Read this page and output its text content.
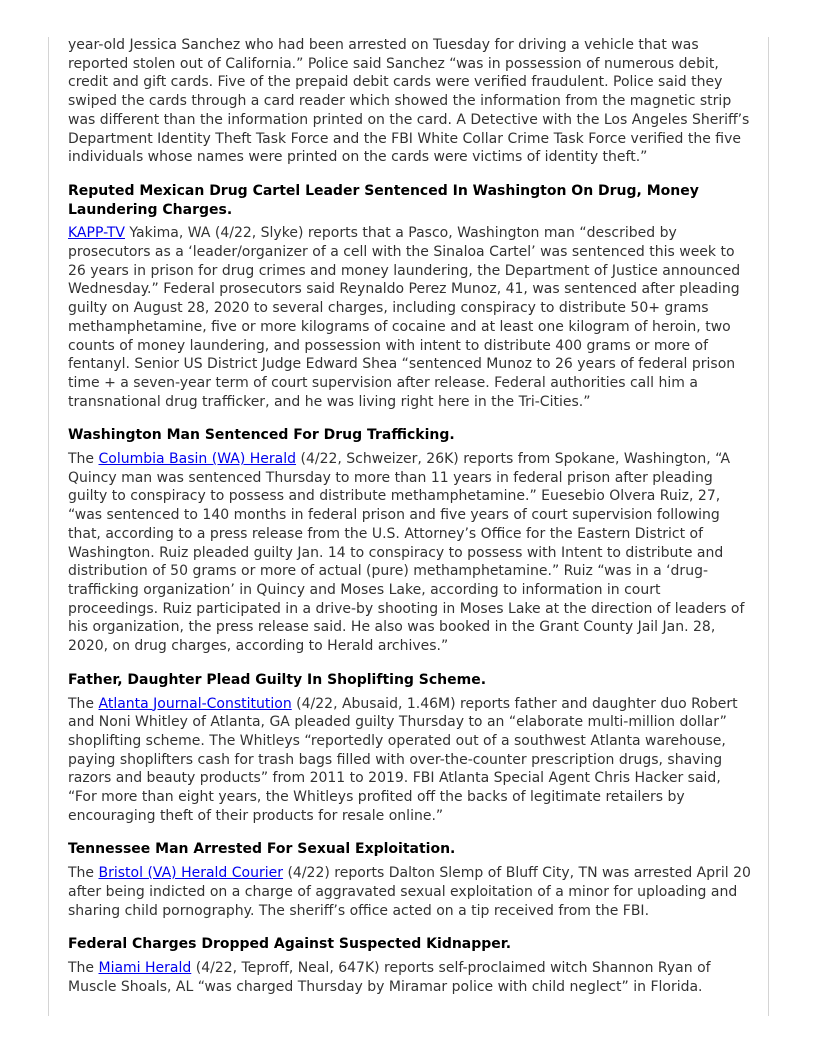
year-old Jessica Sanchez who had been arrested on Tuesday for driving a vehicle that was reported stolen out of California.” Police said Sanchez “was in possession of numerous debit, credit and gift cards. Five of the prepaid debit cards were verified fraudulent. Police said they swiped the cards through a card reader which showed the information from the magnetic strip was different than the information printed on the card. A Detective with the Los Angeles Sheriff’s Department Identity Theft Task Force and the FBI White Collar Crime Task Force verified the five individuals whose names were printed on the cards were victims of identity theft.”

Reputed Mexican Drug Cartel Leader Sentenced In Washington On Drug, Money Laundering Charges.

KAPP-TV Yakima, WA (4/22, Slyke) reports that a Pasco, Washington man “described by prosecutors as a ‘leader/organizer of a cell with the Sinaloa Cartel’ was sentenced this week to 26 years in prison for drug crimes and money laundering, the Department of Justice announced Wednesday.” Federal prosecutors said Reynaldo Perez Munoz, 41, was sentenced after pleading guilty on August 28, 2020 to several charges, including conspiracy to distribute 50+ grams methamphetamine, five or more kilograms of cocaine and at least one kilogram of heroin, two counts of money laundering, and possession with intent to distribute 400 grams or more of fentanyl. Senior US District Judge Edward Shea “sentenced Munoz to 26 years of federal prison time + a seven-year term of court supervision after release. Federal authorities call him a transnational drug trafficker, and he was living right here in the Tri-Cities.”

Washington Man Sentenced For Drug Trafficking.

The Columbia Basin (WA) Herald (4/22, Schweizer, 26K) reports from Spokane, Washington, “A Quincy man was sentenced Thursday to more than 11 years in federal prison after pleading guilty to conspiracy to possess and distribute methamphetamine.” Euesebio Olvera Ruiz, 27, “was sentenced to 140 months in federal prison and five years of court supervision following that, according to a press release from the U.S. Attorney’s Office for the Eastern District of Washington. Ruiz pleaded guilty Jan. 14 to conspiracy to possess with Intent to distribute and distribution of 50 grams or more of actual (pure) methamphetamine.” Ruiz “was in a ‘drug-trafficking organization’ in Quincy and Moses Lake, according to information in court proceedings. Ruiz participated in a drive-by shooting in Moses Lake at the direction of leaders of his organization, the press release said. He also was booked in the Grant County Jail Jan. 28, 2020, on drug charges, according to Herald archives.”

Father, Daughter Plead Guilty In Shoplifting Scheme.

The Atlanta Journal-Constitution (4/22, Abusaid, 1.46M) reports father and daughter duo Robert and Noni Whitley of Atlanta, GA pleaded guilty Thursday to an “elaborate multi-million dollar” shoplifting scheme. The Whitleys “reportedly operated out of a southwest Atlanta warehouse, paying shoplifters cash for trash bags filled with over-the-counter prescription drugs, shaving razors and beauty products” from 2011 to 2019. FBI Atlanta Special Agent Chris Hacker said, “For more than eight years, the Whitleys profited off the backs of legitimate retailers by encouraging theft of their products for resale online.”

Tennessee Man Arrested For Sexual Exploitation.

The Bristol (VA) Herald Courier (4/22) reports Dalton Slemp of Bluff City, TN was arrested April 20 after being indicted on a charge of aggravated sexual exploitation of a minor for uploading and sharing child pornography. The sheriff’s office acted on a tip received from the FBI.

Federal Charges Dropped Against Suspected Kidnapper.

The Miami Herald (4/22, Teproff, Neal, 647K) reports self-proclaimed witch Shannon Ryan of Muscle Shoals, AL “was charged Thursday by Miramar police with child neglect” in Florida.
